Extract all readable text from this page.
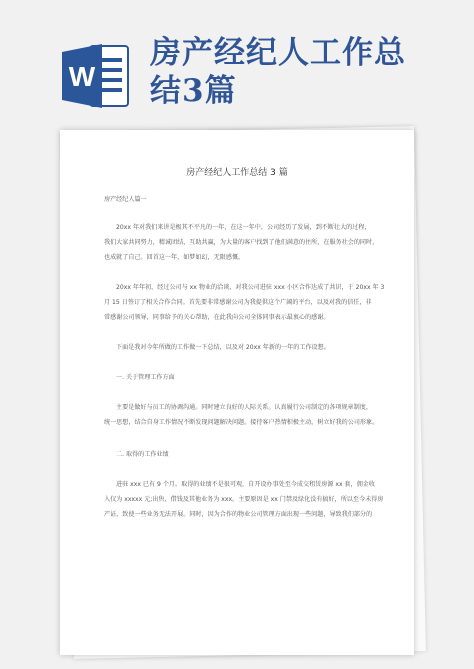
W
房产经纪人工作总
结3篇
房产经纪人工作总结 3 篇
房产经纪人篇一
20xx 年对我们来讲是极其不平凡的一年，在这一年中，公司经历了发展，到不断壮大的过程，
我们大家共同努力，精诚团结，互助共赢，为大量的客户找到了他们满意的住所，在服务社会的同时，
也成就了自己。回首这一年，如梦如幻，无限感慨。
20xx 年年初，经过公司与 xx 物业的洽谈，对我公司进驻 xxx 小区合作达成了共识，于 20xx 年 3
月 15 日签订了相关合作合同。首先要非常感谢公司为我提供这个广阔的平台，以及对我的信任，非
常感谢公司领导，同事给予的关心帮助，在此我向公司全体同事表示最衷心的感谢。
下面是我对今年所做的工作做一下总结，以及对 20xx 年新的一年的工作设想。
一. 关于管理工作方面
主要是做好与员工的协调沟通。同时建立良好的人际关系。认真履行公司制定的各项规章制度，
统一思想，结合自身工作情况不断发现问题解决问题。接待客户热情积极主动，树立好我的公司形象。
二. 取得的工作业绩
进驻 xxx 已有 9 个月。取得的业绩不是很可观，自开设办事处至今成交租赁房源 xx 套，佣金收
入仅为 xxxxx 元;出售、借钱及其他业务为 xxx。主要原因是 xx 门禁及绿化没有搞好，所以至今未得房
产证，致使一些业务无法开展。同时，因为合作的物业公司管理方面出现一些问题，导致我们部分的
